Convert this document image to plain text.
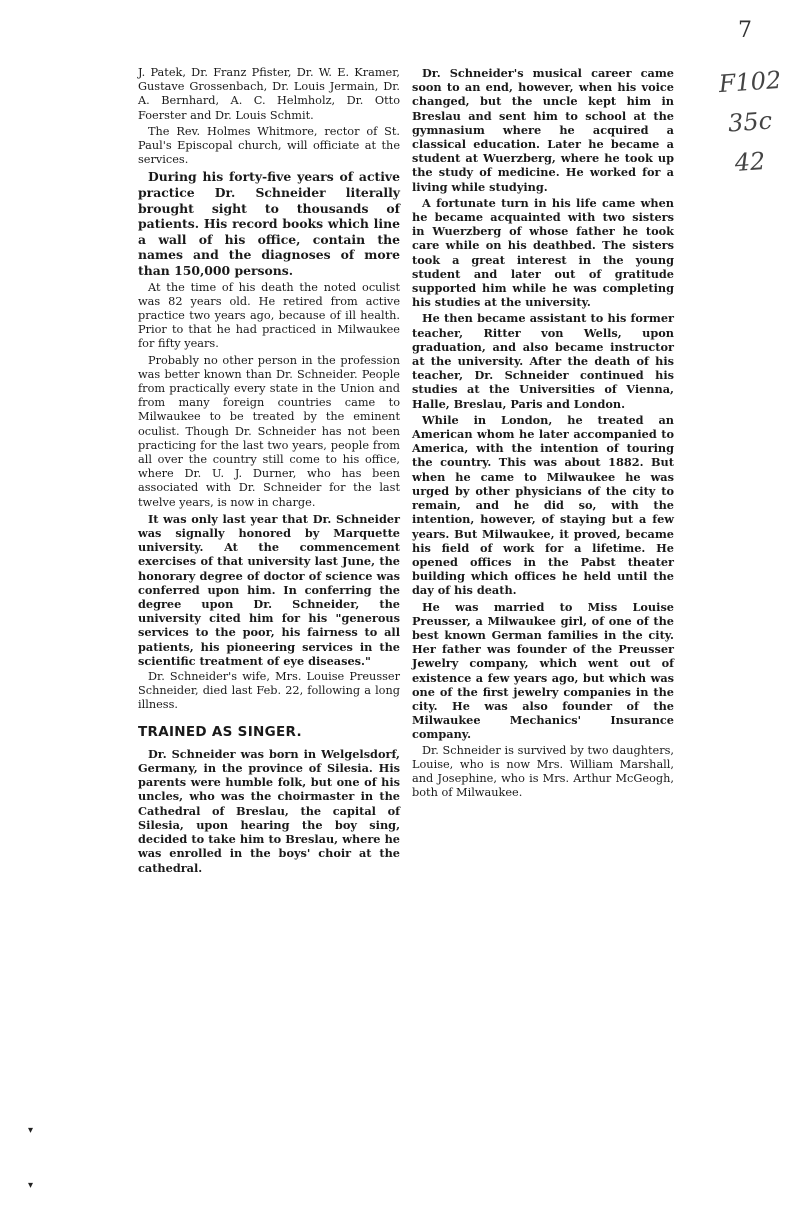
7
F102
35c
42
▾
▾

J. Patek, Dr. Franz Pfister, Dr. W. E. Kramer, Gustave Grossenbach, Dr. Louis Jermain, Dr. A. Bernhard, A. C. Helmholz, Dr. Otto Foerster and Dr. Louis Schmit.

The Rev. Holmes Whitmore, rector of St. Paul's Episcopal church, will officiate at the services.

During his forty-five years of active practice Dr. Schneider literally brought sight to thousands of patients. His record books which line a wall of his office, contain the names and the diagnoses of more than 150,000 persons.

At the time of his death the noted oculist was 82 years old. He retired from active practice two years ago, because of ill health. Prior to that he had practiced in Milwaukee for fifty years.

Probably no other person in the profession was better known than Dr. Schneider. People from practically every state in the Union and from many foreign countries came to Milwaukee to be treated by the eminent oculist. Though Dr. Schneider has not been practicing for the last two years, people from all over the country still come to his office, where Dr. U. J. Durner, who has been associated with Dr. Schneider for the last twelve years, is now in charge.

It was only last year that Dr. Schneider was signally honored by Marquette university. At the commencement exercises of that university last June, the honorary degree of doctor of science was conferred upon him. In conferring the degree upon Dr. Schneider, the university cited him for his "generous services to the poor, his fairness to all patients, his pioneering services in the scientific treatment of eye diseases."

Dr. Schneider's wife, Mrs. Louise Preusser Schneider, died last Feb. 22, following a long illness.

TRAINED AS SINGER.

Dr. Schneider was born in Welgelsdorf, Germany, in the province of Silesia. His parents were humble folk, but one of his uncles, who was the choirmaster in the Cathedral of Breslau, the capital of Silesia, upon hearing the boy sing, decided to take him to Breslau, where he was enrolled in the boys' choir at the cathedral.

Dr. Schneider's musical career came soon to an end, however, when his voice changed, but the uncle kept him in Breslau and sent him to school at the gymnasium where he acquired a classical education. Later he became a student at Wuerzberg, where he took up the study of medicine. He worked for a living while studying.

A fortunate turn in his life came when he became acquainted with two sisters in Wuerzberg of whose father he took care while on his deathbed. The sisters took a great interest in the young student and later out of gratitude supported him while he was completing his studies at the university.

He then became assistant to his former teacher, Ritter von Wells, upon graduation, and also became instructor at the university. After the death of his teacher, Dr. Schneider continued his studies at the Universities of Vienna, Halle, Breslau, Paris and London.

While in London, he treated an American whom he later accompanied to America, with the intention of touring the country. This was about 1882. But when he came to Milwaukee he was urged by other physicians of the city to remain, and he did so, with the intention, however, of staying but a few years. But Milwaukee, it proved, became his field of work for a lifetime. He opened offices in the Pabst theater building which offices he held until the day of his death.

He was married to Miss Louise Preusser, a Milwaukee girl, of one of the best known German families in the city. Her father was founder of the Preusser Jewelry company, which went out of existence a few years ago, but which was one of the first jewelry companies in the city. He was also founder of the Milwaukee Mechanics' Insurance company.

Dr. Schneider is survived by two daughters, Louise, who is now Mrs. William Marshall, and Josephine, who is Mrs. Arthur McGeogh, both of Milwaukee.
